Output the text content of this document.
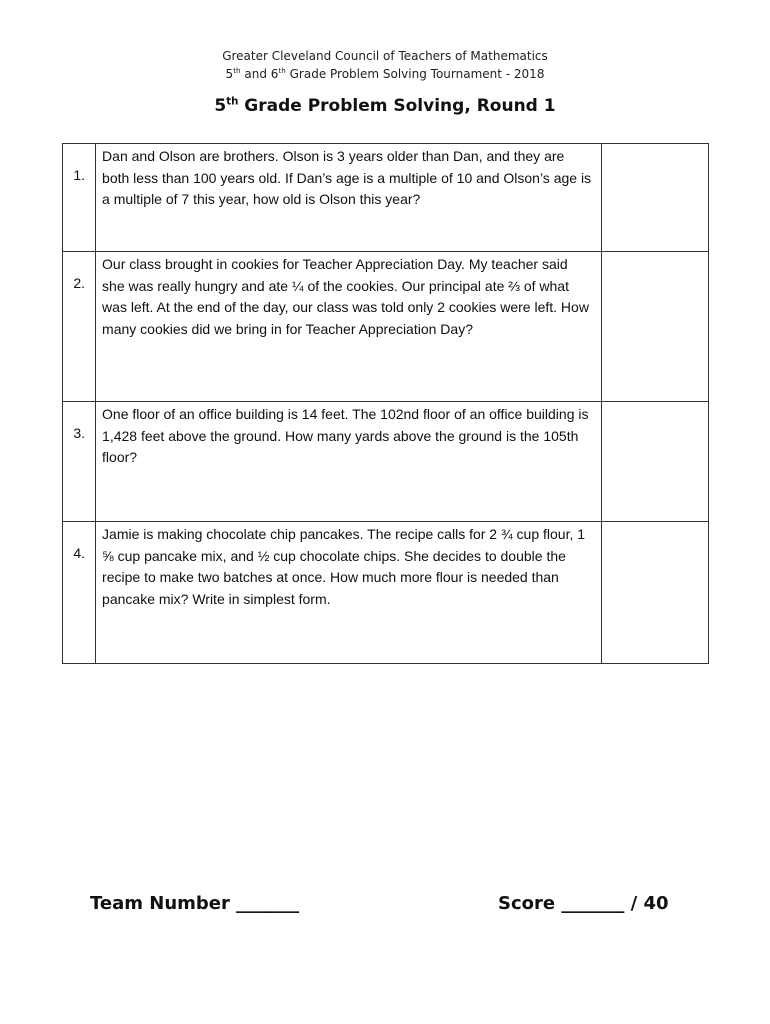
Greater Cleveland Council of Teachers of Mathematics
5th and 6th Grade Problem Solving Tournament - 2018
5th Grade Problem Solving, Round 1
1.	Dan and Olson are brothers. Olson is 3 years older than Dan, and they are both less than 100 years old. If Dan’s age is a multiple of 10 and Olson’s age is a multiple of 7 this year, how old is Olson this year?	
2.	Our class brought in cookies for Teacher Appreciation Day. My teacher said she was really hungry and ate ¼ of the cookies. Our principal ate ⅔ of what was left. At the end of the day, our class was told only 2 cookies were left. How many cookies did we bring in for Teacher Appreciation Day?	
3.	One floor of an office building is 14 feet. The 102nd floor of an office building is 1,428 feet above the ground. How many yards above the ground is the 105th floor?	
4.	Jamie is making chocolate chip pancakes. The recipe calls for 2 ¾ cup flour, 1 ⅝ cup pancake mix, and ½ cup chocolate chips. She decides to double the recipe to make two batches at once. How much more flour is needed than pancake mix? Write in simplest form.	
Team Number _______	Score _______ / 40
